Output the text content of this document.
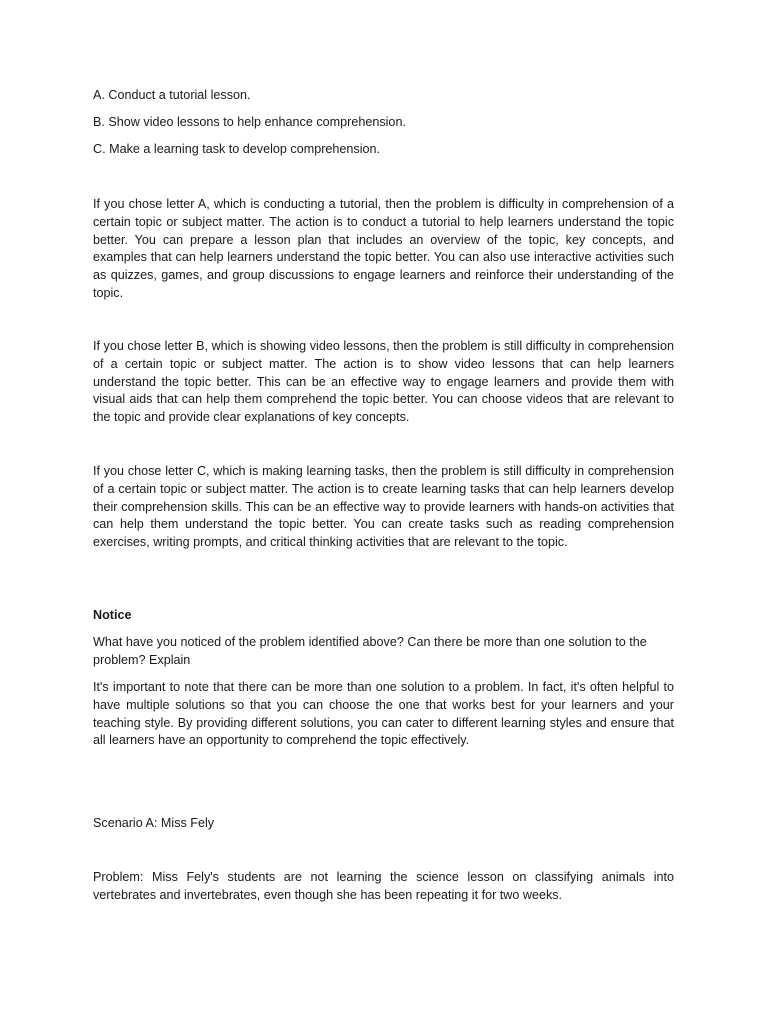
A. Conduct a tutorial lesson.

B. Show video lessons to help enhance comprehension.

C. Make a learning task to develop comprehension.

If you chose letter A, which is conducting a tutorial, then the problem is difficulty in comprehension of a certain topic or subject matter. The action is to conduct a tutorial to help learners understand the topic better. You can prepare a lesson plan that includes an overview of the topic, key concepts, and examples that can help learners understand the topic better. You can also use interactive activities such as quizzes, games, and group discussions to engage learners and reinforce their understanding of the topic.

If you chose letter B, which is showing video lessons, then the problem is still difficulty in comprehension of a certain topic or subject matter. The action is to show video lessons that can help learners understand the topic better. This can be an effective way to engage learners and provide them with visual aids that can help them comprehend the topic better. You can choose videos that are relevant to the topic and provide clear explanations of key concepts.

If you chose letter C, which is making learning tasks, then the problem is still difficulty in comprehension of a certain topic or subject matter. The action is to create learning tasks that can help learners develop their comprehension skills. This can be an effective way to provide learners with hands-on activities that can help them understand the topic better. You can create tasks such as reading comprehension exercises, writing prompts, and critical thinking activities that are relevant to the topic.

Notice

What have you noticed of the problem identified above? Can there be more than one solution to the problem? Explain

It's important to note that there can be more than one solution to a problem. In fact, it's often helpful to have multiple solutions so that you can choose the one that works best for your learners and your teaching style. By providing different solutions, you can cater to different learning styles and ensure that all learners have an opportunity to comprehend the topic effectively.

Scenario A: Miss Fely

Problem: Miss Fely's students are not learning the science lesson on classifying animals into vertebrates and invertebrates, even though she has been repeating it for two weeks.
